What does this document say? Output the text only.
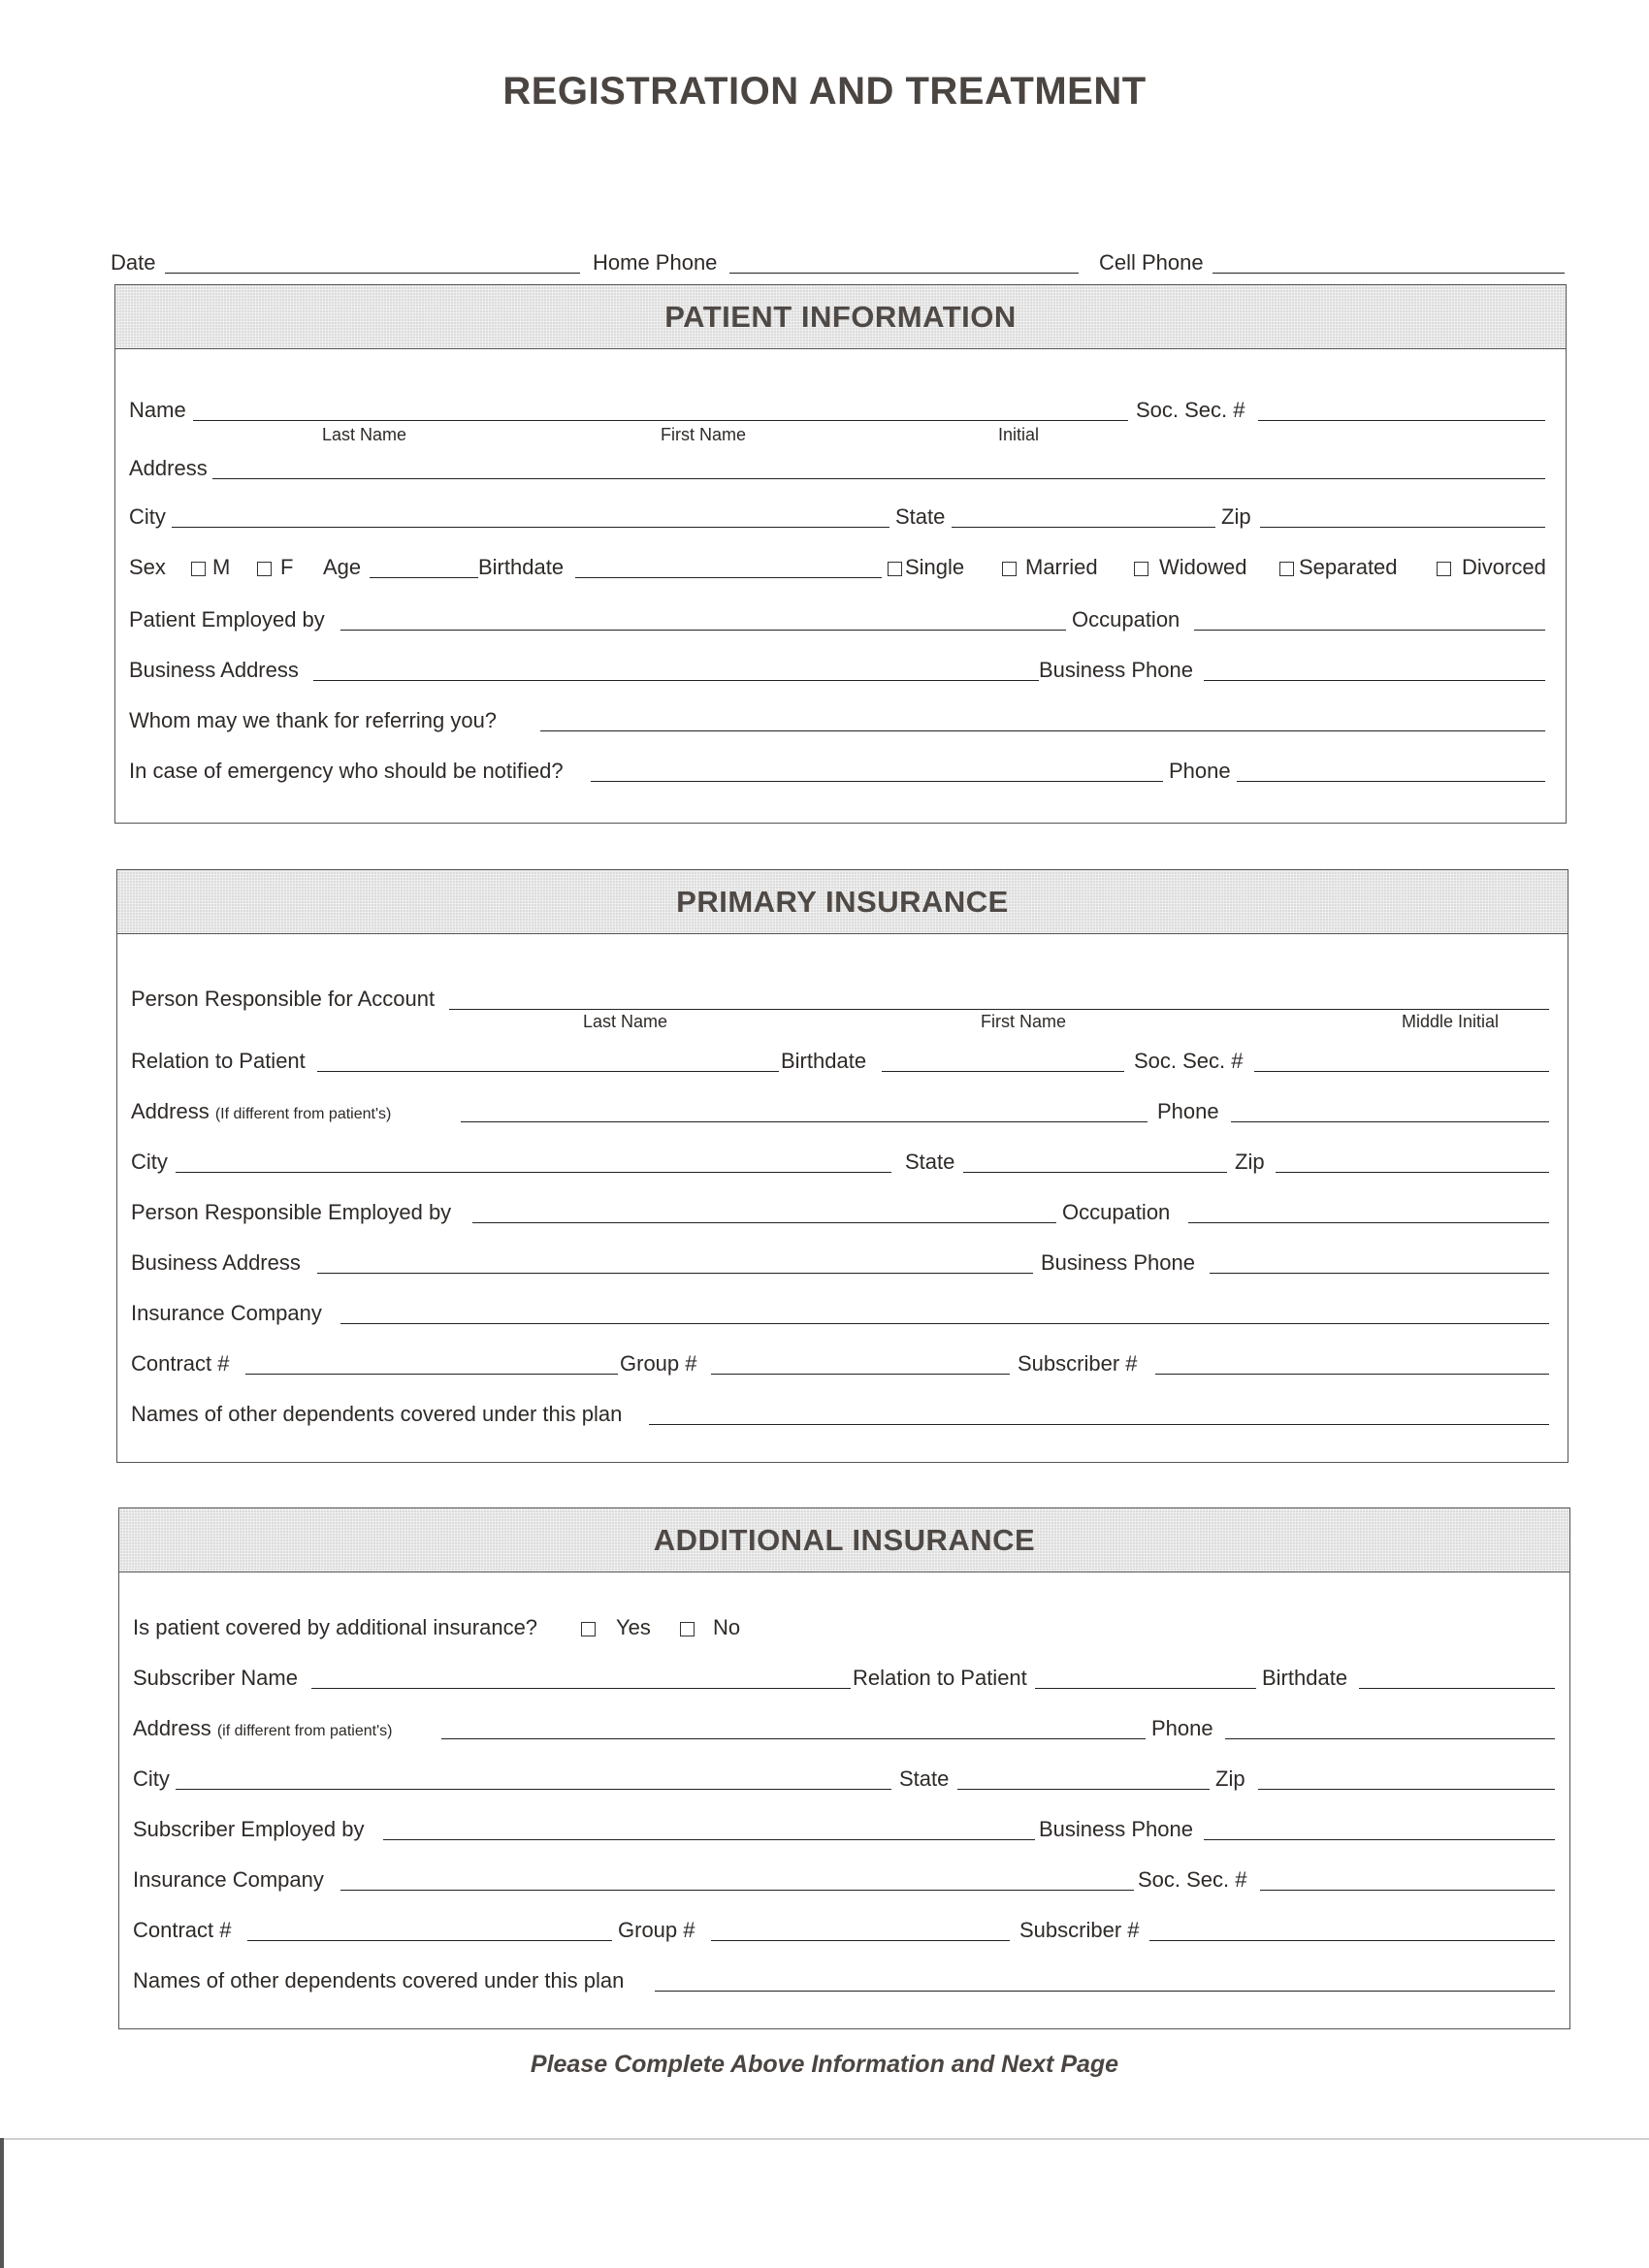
REGISTRATION AND TREATMENT
Date	Home Phone	Cell Phone
PATIENT INFORMATION
Name	Soc. Sec. #
Last Name	First Name	Initial
Address
City	State	Zip
Sex M F Age	Birthdate	Single	Married	Widowed Separated	Divorced
Patient Employed by	Occupation
Business Address	Business Phone
Whom may we thank for referring you?
In case of emergency who should be notified?	Phone
PRIMARY INSURANCE
Person Responsible for Account
Last Name	First Name	Middle Initial
Relation to Patient	Birthdate	Soc. Sec. #
Address (If different from patient's)	Phone
City	State	Zip
Person Responsible Employed by	Occupation
Business Address	Business Phone
Insurance Company
Contract #	Group #	Subscriber #
Names of other dependents covered under this plan
ADDITIONAL INSURANCE
Is patient covered by additional insurance?	Yes	No
Subscriber Name	Relation to Patient	Birthdate
Address (if different from patient's)	Phone
City	State	Zip
Subscriber Employed by	Business Phone
Insurance Company	Soc. Sec. #
Contract #	Group #	Subscriber #
Names of other dependents covered under this plan
Please Complete Above Information and Next Page
